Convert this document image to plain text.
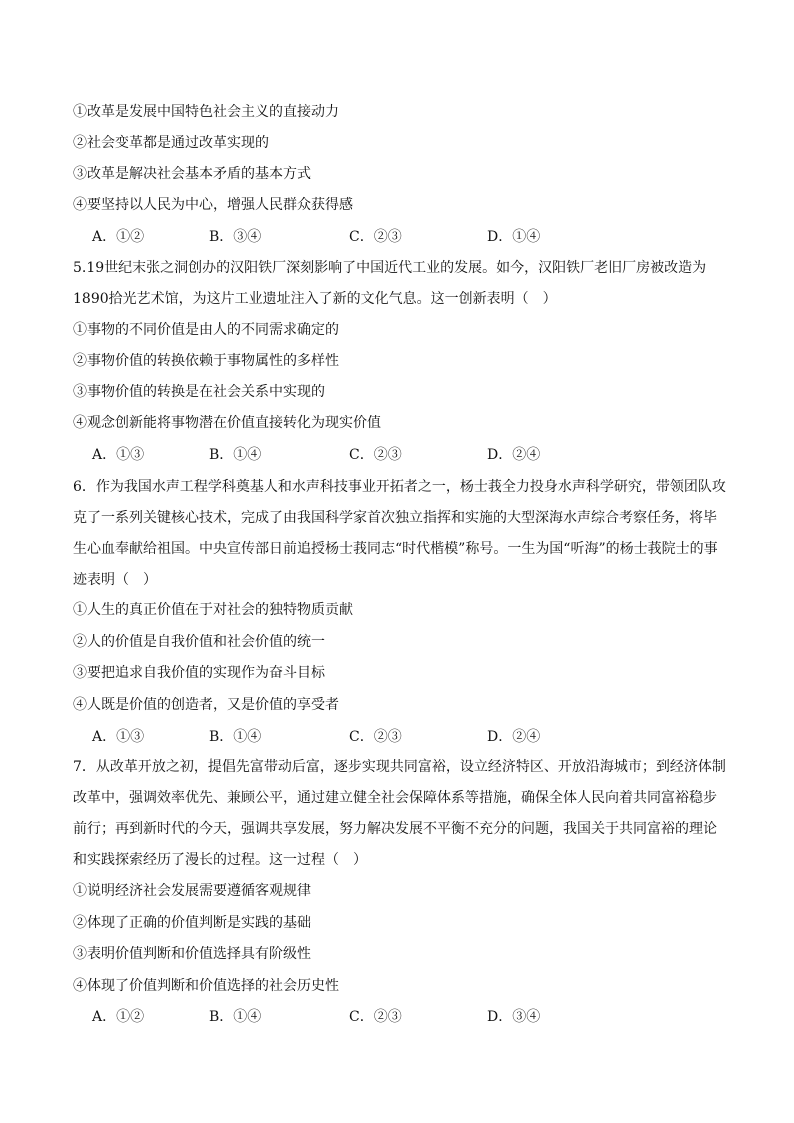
①改革是发展中国特色社会主义的直接动力
②社会变革都是通过改革实现的
③改革是解决社会基本矛盾的基本方式
④要坚持以人民为中心，增强人民群众获得感
A．①②	B．③④	C．②③	D．①④
5.19世纪末张之洞创办的汉阳铁厂深刻影响了中国近代工业的发展。如今，汉阳铁厂老旧厂房被改造为1890拾光艺术馆，为这片工业遗址注入了新的文化气息。这一创新表明（　）
①事物的不同价值是由人的不同需求确定的
②事物价值的转换依赖于事物属性的多样性
③事物价值的转换是在社会关系中实现的
④观念创新能将事物潜在价值直接转化为现实价值
A．①③	B．①④	C．②③	D．②④
6．作为我国水声工程学科奠基人和水声科技事业开拓者之一，杨士莪全力投身水声科学研究，带领团队攻克了一系列关键核心技术，完成了由我国科学家首次独立指挥和实施的大型深海水声综合考察任务，将毕生心血奉献给祖国。中央宣传部日前追授杨士莪同志“时代楷模”称号。一生为国“听海”的杨士莪院士的事迹表明（　）
①人生的真正价值在于对社会的独特物质贡献
②人的价值是自我价值和社会价值的统一
③要把追求自我价值的实现作为奋斗目标
④人既是价值的创造者，又是价值的享受者
A．①③	B．①④	C．②③	D．②④
7．从改革开放之初，提倡先富带动后富，逐步实现共同富裕，设立经济特区、开放沿海城市；到经济体制改革中，强调效率优先、兼顾公平，通过建立健全社会保障体系等措施，确保全体人民向着共同富裕稳步前行；再到新时代的今天，强调共享发展，努力解决发展不平衡不充分的问题，我国关于共同富裕的理论和实践探索经历了漫长的过程。这一过程（　）
①说明经济社会发展需要遵循客观规律
②体现了正确的价值判断是实践的基础
③表明价值判断和价值选择具有阶级性
④体现了价值判断和价值选择的社会历史性
A．①②	B．①④	C．②③	D．③④
